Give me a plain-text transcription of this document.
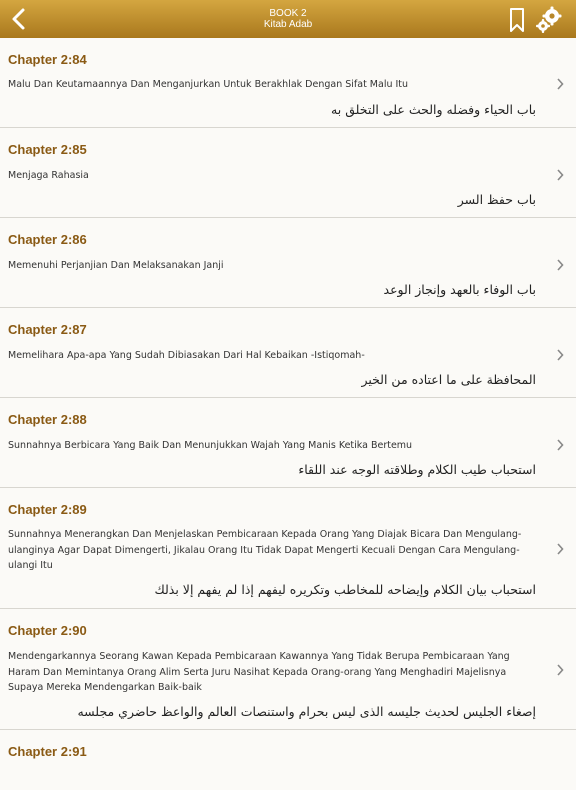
BOOK 2
Kitab Adab
Chapter 2:84
Malu Dan Keutamaannya Dan Menganjurkan Untuk Berakhlak Dengan Sifat Malu Itu
باب الحياء وفضله والحث على التخلق به
Chapter 2:85
Menjaga Rahasia
باب حفظ السر
Chapter 2:86
Memenuhi Perjanjian Dan Melaksanakan Janji
باب الوفاء بالعهد وإنجاز الوعد
Chapter 2:87
Memelihara Apa-apa Yang Sudah Dibiasakan Dari Hal Kebaikan -Istiqomah-
المحافظة على ما اعتاده من الخير
Chapter 2:88
Sunnahnya Berbicara Yang Baik Dan Menunjukkan Wajah Yang Manis Ketika Bertemu
استحباب طيب الكلام وطلاقته الوجه عند اللقاء
Chapter 2:89
Sunnahnya Menerangkan Dan Menjelaskan Pembicaraan Kepada Orang Yang Diajak Bicara Dan Mengulang-ulanginya Agar Dapat Dimengerti, Jikalau Orang Itu Tidak Dapat Mengerti Kecuali Dengan Cara Mengulang-ulangi Itu
استحباب بيان الكلام وإيضاحه للمخاطب وتكريره ليفهم إذا لم يفهم إلا بذلك
Chapter 2:90
Mendengarkannya Seorang Kawan Kepada Pembicaraan Kawannya Yang Tidak Berupa Pembicaraan Yang Haram Dan Memintanya Orang Alim Serta Juru Nasihat Kepada Orang-orang Yang Menghadiri Majelisnya Supaya Mereka Mendengarkan Baik-baik
إصغاء الجليس لحديث جليسه الذى ليس بحرام واستنصات العالم والواعظ حاضري مجلسه
Chapter 2:91
